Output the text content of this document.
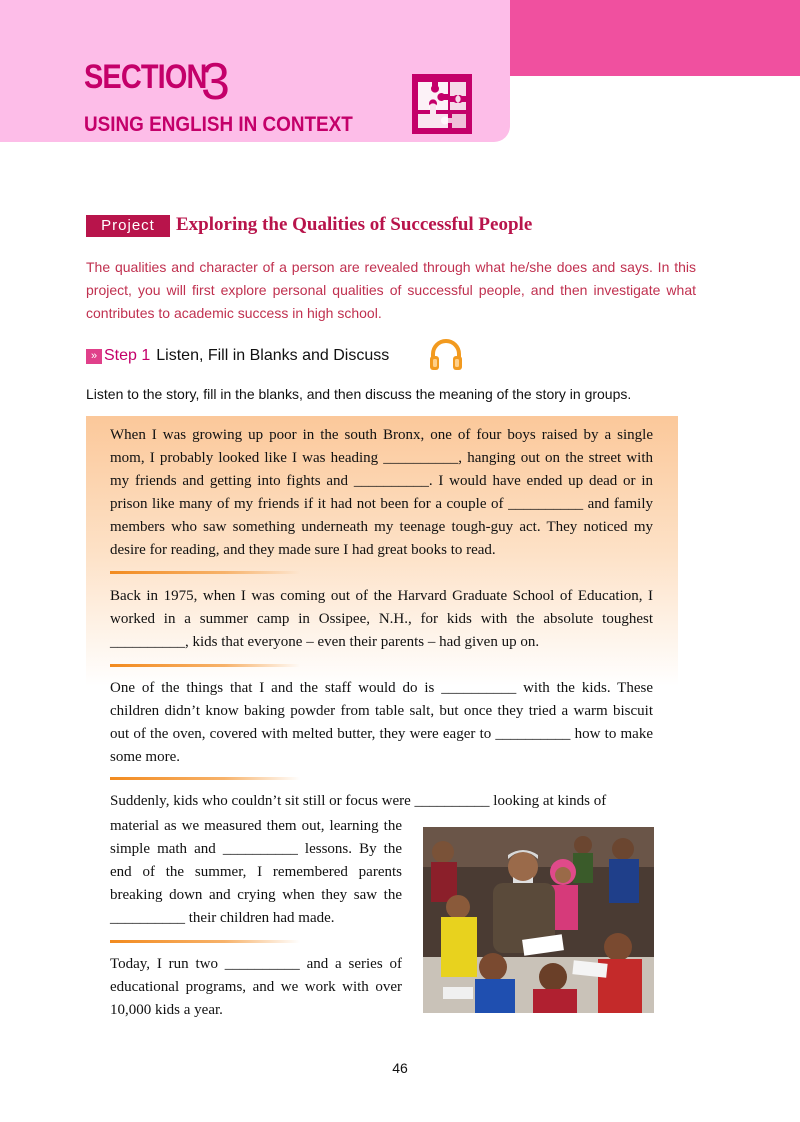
SECTION
3
USING ENGLISH IN CONTEXT
Project	Exploring the Qualities of Successful People

The qualities and character of a person are revealed through what he/she does and says. In this project, you will first explore personal qualities of successful people, and then investigate what contributes to academic success in high school.

» Step 1 Listen, Fill in Blanks and Discuss
Listen to the story, fill in the blanks, and then discuss the meaning of the story in groups.

When I was growing up poor in the south Bronx, one of four boys raised by a single mom, I probably looked like I was heading __________, hanging out on the street with my friends and getting into fights and __________. I would have ended up dead or in prison like many of my friends if it had not been for a couple of __________ and family members who saw something underneath my teenage tough-guy act. They noticed my desire for reading, and they made sure I had great books to read.

Back in 1975, when I was coming out of the Harvard Graduate School of Education, I worked in a summer camp in Ossipee, N.H., for kids with the absolute toughest __________, kids that everyone – even their parents – had given up on.

One of the things that I and the staff would do is __________ with the kids. These children didn’t know baking powder from table salt, but once they tried a warm biscuit out of the oven, covered with melted butter, they were eager to __________ how to make some more.

Suddenly, kids who couldn’t sit still or focus were __________ looking at kinds of

material as we measured them out, learning the simple math and __________ lessons. By the end of the summer, I remembered parents breaking down and crying when they saw the __________ their children had made.

Today, I run two __________ and a series of educational programs, and we work with over 10,000 kids a year.

46
